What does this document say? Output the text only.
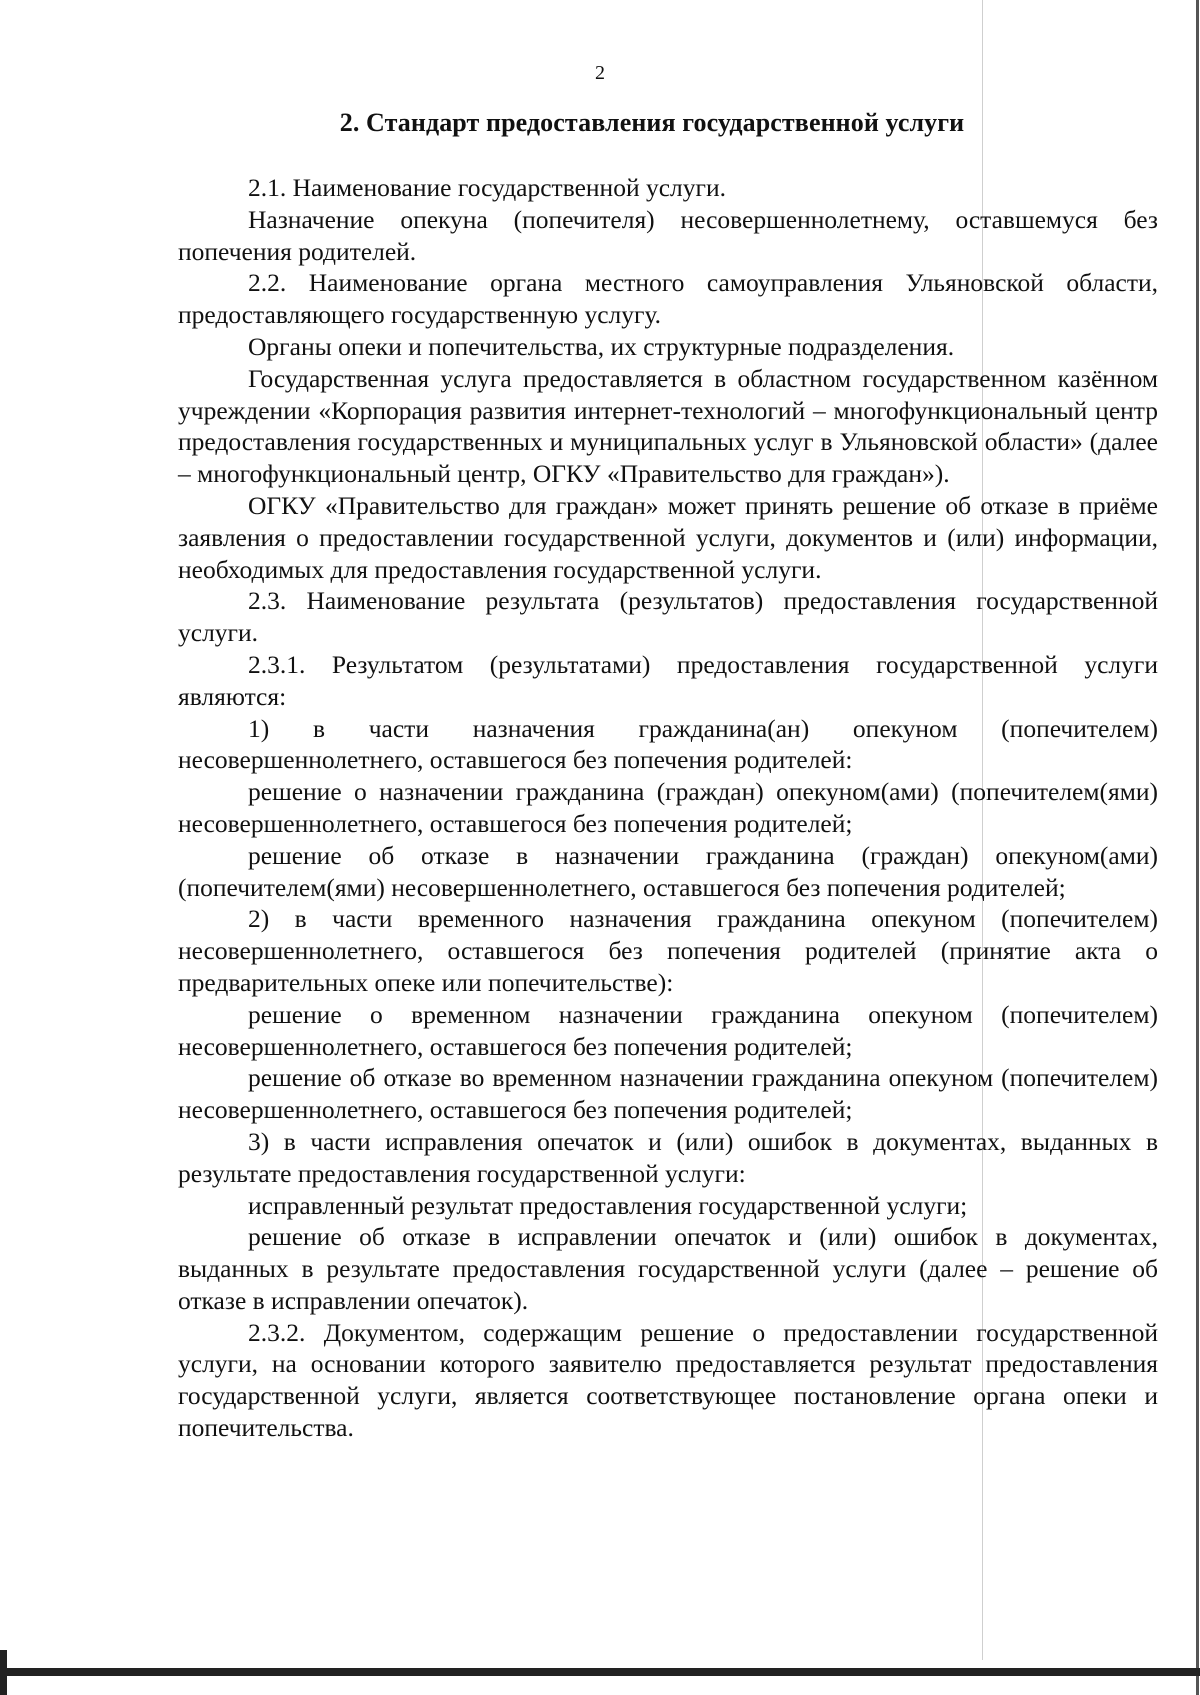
2
2. Стандарт предоставления государственной услуги

2.1. Наименование государственной услуги.

Назначение опекуна (попечителя) несовершеннолетнему, оставшемуся без попечения родителей.

2.2. Наименование органа местного самоуправления Ульяновской области, предоставляющего государственную услугу.

Органы опеки и попечительства, их структурные подразделения.

Государственная услуга предоставляется в областном государственном казённом учреждении «Корпорация развития интернет-технологий – многофункциональный центр предоставления государственных и муниципальных услуг в Ульяновской области» (далее – многофункциональный центр, ОГКУ «Правительство для граждан»).

ОГКУ «Правительство для граждан» может принять решение об отказе в приёме заявления о предоставлении государственной услуги, документов и (или) информации, необходимых для предоставления государственной услуги.

2.3. Наименование результата (результатов) предоставления государственной услуги.

2.3.1. Результатом (результатами) предоставления государственной услуги являются:

1) в части назначения гражданина(ан) опекуном (попечителем) несовершеннолетнего, оставшегося без попечения родителей:

решение о назначении гражданина (граждан) опекуном(ами) (попечителем(ями) несовершеннолетнего, оставшегося без попечения родителей;

решение об отказе в назначении гражданина (граждан) опекуном(ами) (попечителем(ями) несовершеннолетнего, оставшегося без попечения родителей;

2) в части временного назначения гражданина опекуном (попечителем) несовершеннолетнего, оставшегося без попечения родителей (принятие акта о предварительных опеке или попечительстве):

решение о временном назначении гражданина опекуном (попечителем) несовершеннолетнего, оставшегося без попечения родителей;

решение об отказе во временном назначении гражданина опекуном (попечителем) несовершеннолетнего, оставшегося без попечения родителей;

3) в части исправления опечаток и (или) ошибок в документах, выданных в результате предоставления государственной услуги:

исправленный результат предоставления государственной услуги;

решение об отказе в исправлении опечаток и (или) ошибок в документах, выданных в результате предоставления государственной услуги (далее – решение об отказе в исправлении опечаток).

2.3.2. Документом, содержащим решение о предоставлении государственной услуги, на основании которого заявителю предоставляется результат предоставления государственной услуги, является соответствующее постановление органа опеки и попечительства.
